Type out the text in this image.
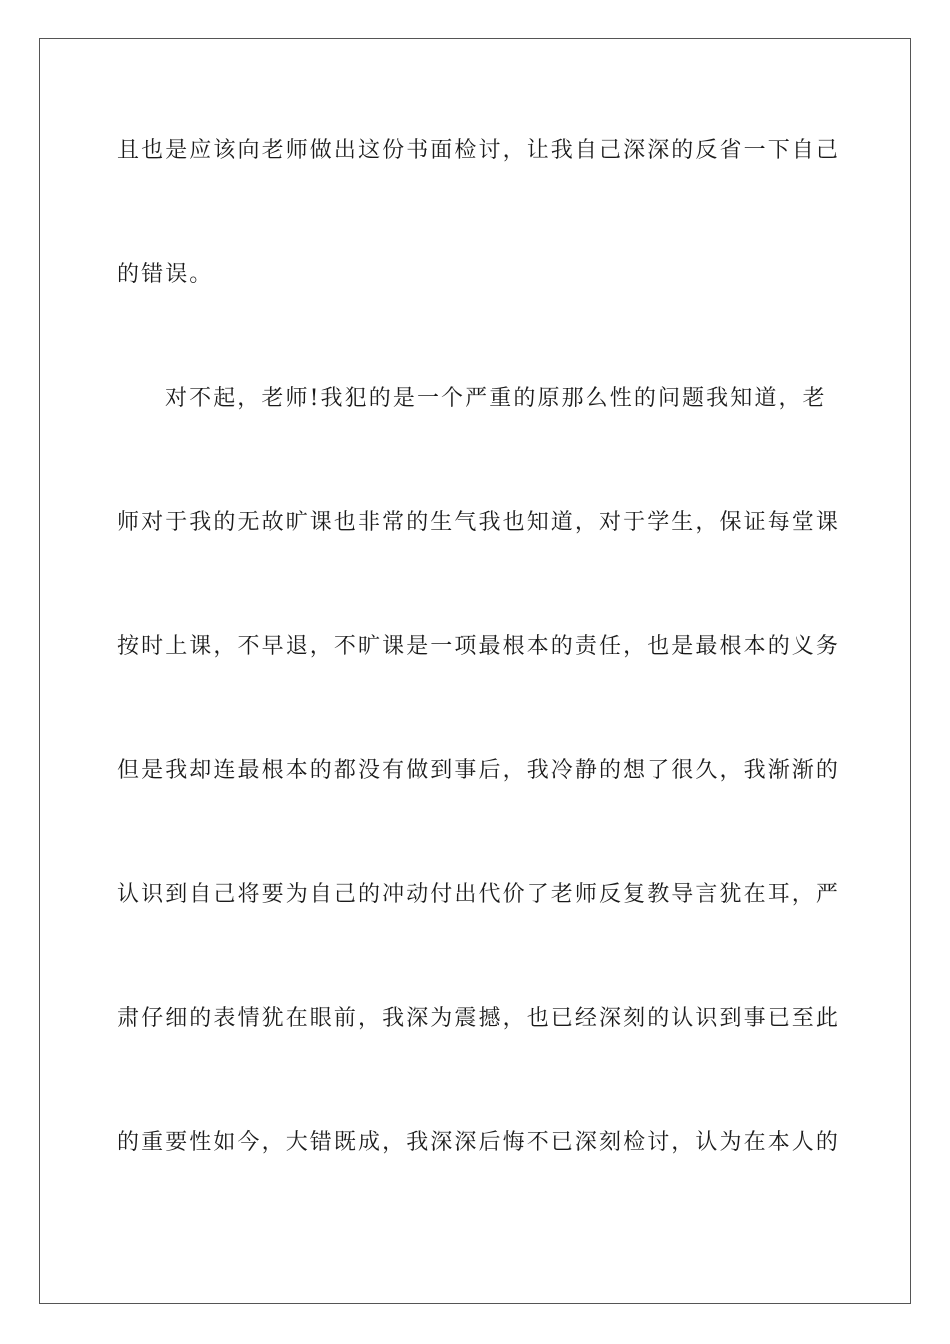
且也是应该向老师做出这份书面检讨，让我自己深深的反省一下自己
的错误。
对不起，老师!我犯的是一个严重的原那么性的问题我知道，老
师对于我的无故旷课也非常的生气我也知道，对于学生，保证每堂课
按时上课，不早退，不旷课是一项最根本的责任，也是最根本的义务
但是我却连最根本的都没有做到事后，我冷静的想了很久，我渐渐的
认识到自己将要为自己的冲动付出代价了老师反复教导言犹在耳，严
肃仔细的表情犹在眼前，我深为震撼，也已经深刻的认识到事已至此
的重要性如今，大错既成，我深深后悔不已深刻检讨，认为在本人的
